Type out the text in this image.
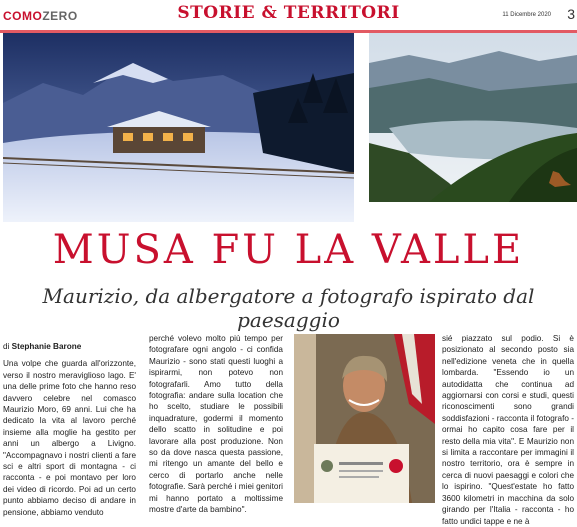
COMOZERO	STORIE & TERRITORI	11 Dicembre 2020 3
MUSA FU LA VALLE
Maurizio, da albergatore a fotografo ispirato dal paesaggio
di Stephanie Barone
Una volpe che guarda all'orizzonte, verso il nostro meraviglioso lago. E' una delle prime foto che hanno reso davvero celebre nel comasco Maurizio Moro, 69 anni. Lui che ha dedicato la vita al lavoro perché insieme alla moglie ha gestito per anni un albergo a Livigno. "Accompagnavo i nostri clienti a fare sci e altri sport di montagna - ci racconta - e poi montavo per loro dei video di ricordo. Poi ad un certo punto abbiamo deciso di andare in pensione, abbiamo venduto
perché volevo molto più tempo per fotografare ogni angolo - ci confida Maurizio - sono stati questi luoghi a ispirarmi, non potevo non fotografarli. Amo tutto della fotografia: andare sulla location che ho scelto, studiare le possibili inquadrature, godermi il momento dello scatto in solitudine e poi lavorare alla post produzione. Non so da dove nasca questa passione, mi ritengo un amante del bello e cerco di portarlo anche nelle fotografie. Sarà perché i miei genitori mi hanno portato a moltissime mostre d'arte da bambino".
sié piazzato sul podio. Si è posizionato al secondo posto sia nell'edizione veneta che in quella lombarda. "Essendo io un autodidatta che continua ad aggiornarsi con corsi e studi, questi riconoscimenti sono grandi soddisfazioni - racconta il fotografo - ormai ho capito cosa fare per il resto della mia vita". E Maurizio non si limita a raccontare per immagini il nostro territorio, ora è sempre in cerca di nuovi paesaggi e colori che lo ispirino. "Quest'estate ho fatto 3600 kilometri in macchina da solo girando per l'Italia - racconta - ho fatto undici tappe e ne à
